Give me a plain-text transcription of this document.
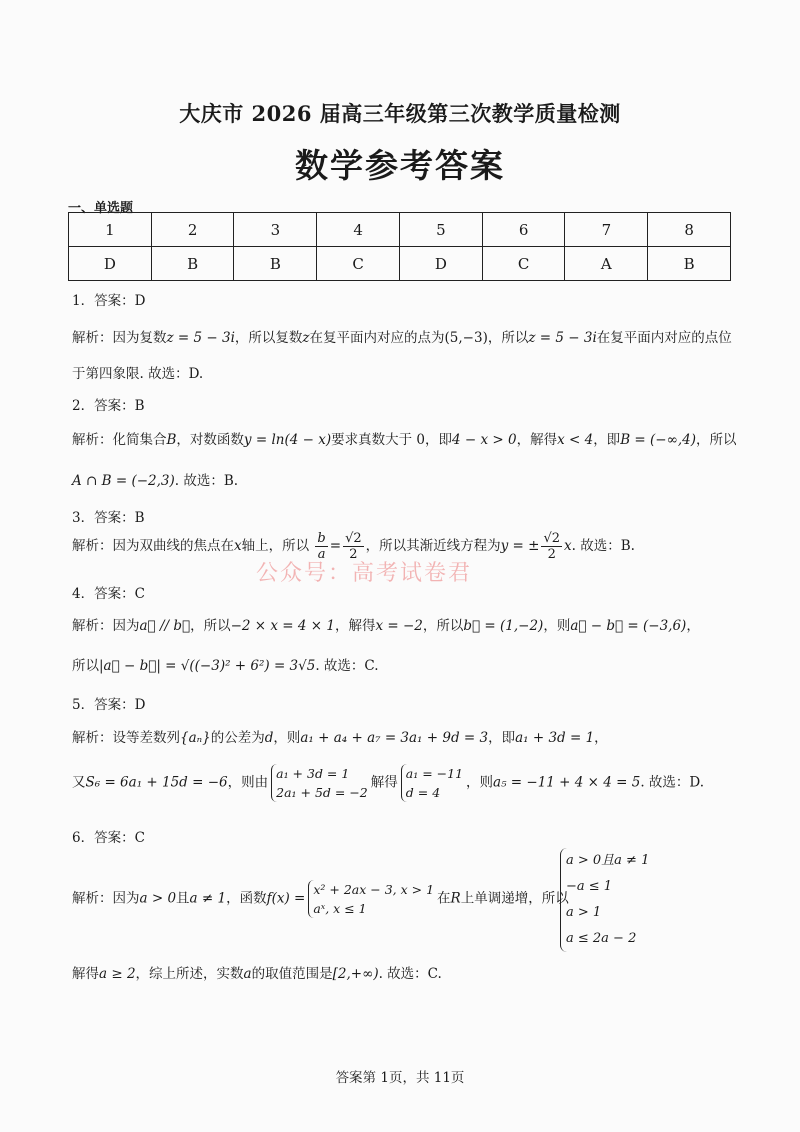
大庆市 2026 届高三年级第三次教学质量检测
数学参考答案
一、单选题
1	2	3	4	5	6	7	8
D	B	B	C	D	C	A	B
1．答案：D
解析：因为复数z = 5 − 3i，所以复数z在复平面内对应的点为(5,−3)，所以z = 5 − 3i在复平面内对应的点位
于第四象限. 故选：D.
2．答案：B
解析：化简集合B，对数函数y = ln(4 − x)要求真数大于 0，即4 − x > 0，解得x < 4，即B = (−∞,4)，所以
A ∩ B = (−2,3). 故选：B.
3．答案：B
解析：因为双曲线的焦点在x轴上，所以 $\frac{b}{a} = \frac{√2}{2}$ ，所以其渐近线方程为y = ± $\frac{√2}{2} x$. 故选：B.
公众号：高考试卷君
4．答案：C
解析：因为a⃗ // b⃗，所以−2 × x = 4 × 1，解得x = −2，所以b⃗ = (1,−2)，则a⃗ − b⃗ = (−3,6)，
所以|a⃗ − b⃗| = √((−3)² + 6²) = 3√5. 故选：C.
5．答案：D
解析：设等差数列{aₙ}的公差为d，则a₁ + a₄ + a₇ = 3a₁ + 9d = 3，即a₁ + 3d = 1，
又S₆ = 6a₁ + 15d = −6，则由
a₁ + 3d = 1
2a₁ + 5d = −2
解得
a₁ = −11
d = 4
，则a₅ = −11 + 4 × 4 = 5. 故选：D.
6．答案：C
解析：因为a > 0且a ≠ 1，函数f(x) =
x² + 2ax − 3, x > 1
aˣ, x ≤ 1
在R上单调递增，所以
a > 0且a ≠ 1
−a ≤ 1
a > 1
a ≤ 2a − 2
解得a ≥ 2，综上所述，实数a的取值范围是[2,+∞). 故选：C.
答案第 1页，共 11页
